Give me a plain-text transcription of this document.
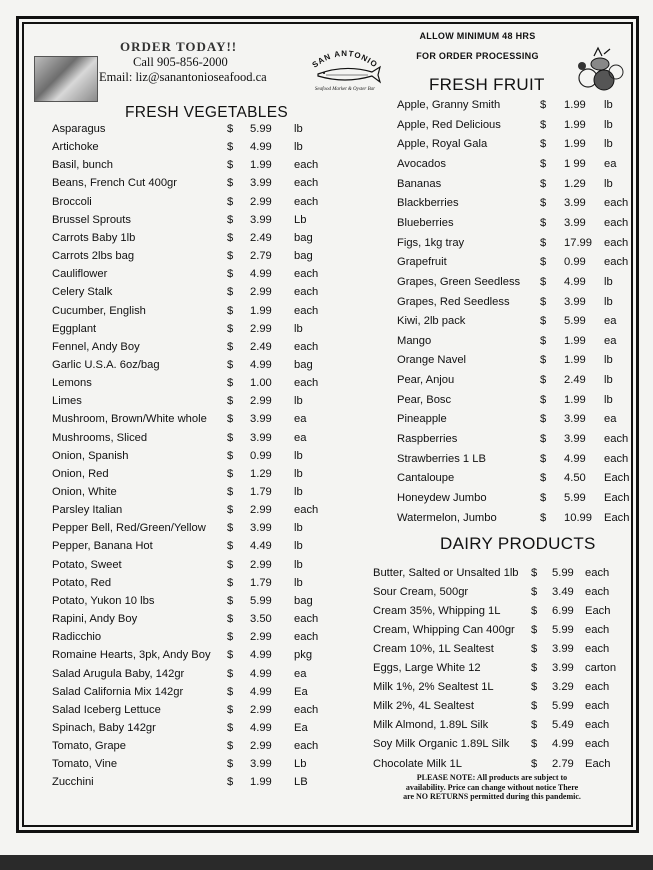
ORDER TODAY!!
Call 905-856-2000
Email: liz@sanantonioseafood.ca
SAN ANTONIO
Seafood Market & Oyster Bar
ALLOW MINIMUM 48 HRS
FOR ORDER PROCESSING
FRESH VEGETABLES
FRESH FRUIT
DAIRY PRODUCTS
Asparagus	$ 5.99 lb
Artichoke	$ 4.99 lb
Basil, bunch	$ 1.99 each
Beans, French Cut 400gr	$ 3.99 each
Broccoli	$ 2.99 each
Brussel Sprouts	$ 3.99 Lb
Carrots Baby 1lb	$ 2.49 bag
Carrots 2lbs bag	$ 2.79 bag
Cauliflower	$ 4.99 each
Celery Stalk	$ 2.99 each
Cucumber, English	$ 1.99 each
Eggplant	$ 2.99 lb
Fennel, Andy Boy	$ 2.49 each
Garlic U.S.A. 6oz/bag	$ 4.99 bag
Lemons	$ 1.00 each
Limes	$ 2.99 lb
Mushroom, Brown/White whole $ 3.99 ea
Mushrooms, Sliced	$ 3.99 ea
Onion, Spanish	$ 0.99 lb
Onion, Red	$ 1.29 lb
Onion, White	$ 1.79 lb
Parsley Italian	$ 2.99 each
Pepper Bell, Red/Green/Yellow $ 3.99 lb
Pepper, Banana Hot	$ 4.49 lb
Potato, Sweet	$ 2.99 lb
Potato, Red	$ 1.79 lb
Potato, Yukon 10 lbs	$ 5.99 bag
Rapini, Andy Boy	$ 3.50 each
Radicchio	$ 2.99 each
Romaine Hearts, 3pk, Andy Boy $ 4.99 pkg
Salad Arugula Baby, 142gr	$ 4.99 ea
Salad California Mix 142gr	$ 4.99 Ea
Salad Iceberg Lettuce	$ 2.99 each
Spinach, Baby 142gr	$ 4.99 Ea
Tomato, Grape	$ 2.99 each
Tomato, Vine	$ 3.99 Lb
Zucchini	$ 1.99 LB
Apple, Granny Smith	$ 1.99 lb
Apple, Red Delicious	$ 1.99 lb
Apple, Royal Gala	$ 1.99 lb
Avocados	$ 1 99 ea
Bananas	$ 1.29 lb
Blackberries	$ 3.99 each
Blueberries	$ 3.99 each
Figs, 1kg tray	$ 17.99 each
Grapefruit	$ 0.99 each
Grapes, Green Seedless $ 4.99 lb
Grapes, Red Seedless	$ 3.99 lb
Kiwi, 2lb pack	$ 5.99 ea
Mango	$ 1.99 ea
Orange Navel	$ 1.99 lb
Pear, Anjou	$ 2.49 lb
Pear, Bosc	$ 1.99 lb
Pineapple	$ 3.99 ea
Raspberries	$ 3.99 each
Strawberries 1 LB	$ 4.99 each
Cantaloupe	$ 4.50 Each
Honeydew Jumbo	$ 5.99 Each
Watermelon, Jumbo	$ 10.99 Each
Butter, Salted or Unsalted 1lb $ 5.99 each
Sour Cream, 500gr	$ 3.49 each
Cream 35%, Whipping 1L	$ 6.99 Each
Cream, Whipping Can 400gr $ 5.99 each
Cream 10%, 1L Sealtest	$ 3.99 each
Eggs, Large White 12	$ 3.99 carton
Milk 1%, 2% Sealtest 1L	$ 3.29 each
Milk 2%, 4L Sealtest	$ 5.99 each
Milk Almond, 1.89L Silk	$ 5.49 each
Soy Milk Organic 1.89L Silk $ 4.99 each
Chocolate Milk 1L	$ 2.79 Each
PLEASE NOTE: All products are subject to
availability. Price can change without notice There
are NO RETURNS permitted during this pandemic.
